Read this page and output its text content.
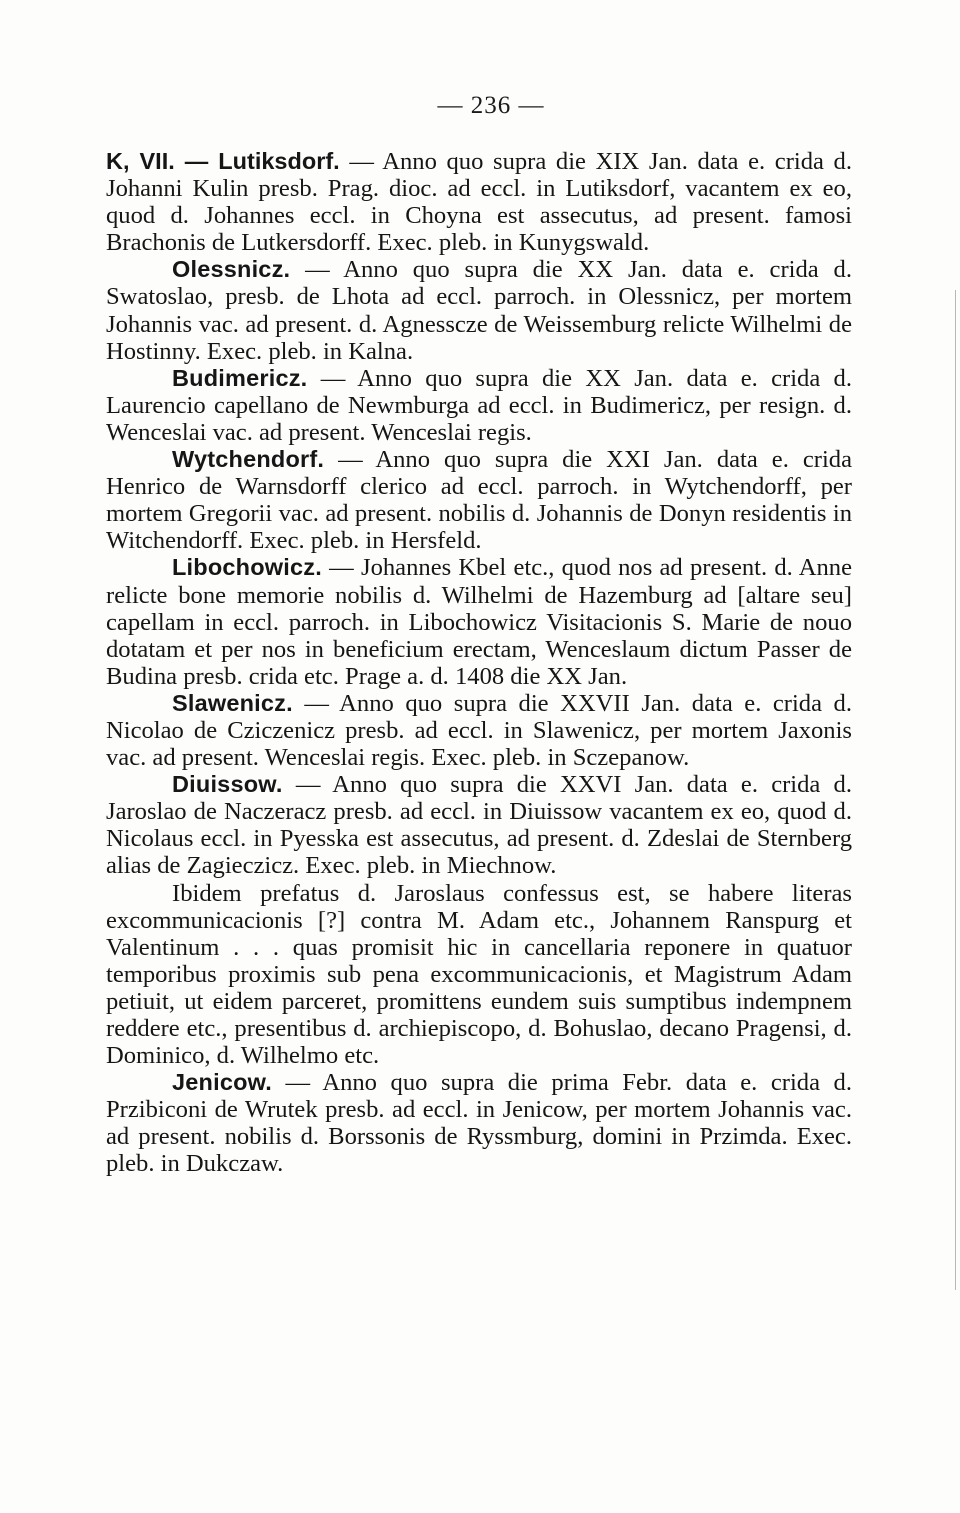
— 236 —

K, VII. — Lutiksdorf. — Anno quo supra die XIX Jan. data e. crida d. Johanni Kulin presb. Prag. dioc. ad eccl. in Lutiksdorf, vacantem ex eo, quod d. Johannes eccl. in Choyna est assecutus, ad present. famosi Brachonis de Lutkersdorff. Exec. pleb. in Kunygswald.

Olessnicz. — Anno quo supra die XX Jan. data e. crida d. Swatoslao, presb. de Lhota ad eccl. parroch. in Olessnicz, per mortem Johannis vac. ad present. d. Agnesscze de Weissemburg relicte Wilhelmi de Hostinny. Exec. pleb. in Kalna.

Budimericz. — Anno quo supra die XX Jan. data e. crida d. Laurencio capellano de Newmburga ad eccl. in Budimericz, per resign. d. Wenceslai vac. ad present. Wenceslai regis.

Wytchendorf. — Anno quo supra die XXI Jan. data e. crida Henrico de Warnsdorff clerico ad eccl. parroch. in Wytchendorff, per mortem Gregorii vac. ad present. nobilis d. Johannis de Donyn residentis in Witchendorff. Exec. pleb. in Hersfeld.

Libochowicz. — Johannes Kbel etc., quod nos ad present. d. Anne relicte bone memorie nobilis d. Wilhelmi de Hazemburg ad [altare seu] capellam in eccl. parroch. in Libochowicz Visitacionis S. Marie de nouo dotatam et per nos in beneficium erectam, Wenceslaum dictum Passer de Budina presb. crida etc. Prage a. d. 1408 die XX Jan.

Slawenicz. — Anno quo supra die XXVII Jan. data e. crida d. Nicolao de Cziczenicz presb. ad eccl. in Slawenicz, per mortem Jaxonis vac. ad present. Wenceslai regis. Exec. pleb. in Sczepanow.

Diuissow. — Anno quo supra die XXVI Jan. data e. crida d. Jaroslao de Naczeracz presb. ad eccl. in Diuissow vacantem ex eo, quod d. Nicolaus eccl. in Pyesska est assecutus, ad present. d. Zdeslai de Sternberg alias de Zagieczicz. Exec. pleb. in Miechnow.

Ibidem prefatus d. Jaroslaus confessus est, se habere literas excommunicacionis [?] contra M. Adam etc., Johannem Ranspurg et Valentinum . . . quas promisit hic in cancellaria reponere in quatuor temporibus proximis sub pena excommunicacionis, et Magistrum Adam petiuit, ut eidem parceret, promittens eundem suis sumptibus indempnem reddere etc., presentibus d. archiepiscopo, d. Bohuslao, decano Pragensi, d. Dominico, d. Wilhelmo etc.

Jenicow. — Anno quo supra die prima Febr. data e. crida d. Przibiconi de Wrutek presb. ad eccl. in Jenicow, per mortem Johannis vac. ad present. nobilis d. Borssonis de Ryssmburg, domini in Przimda. Exec. pleb. in Dukczaw.
